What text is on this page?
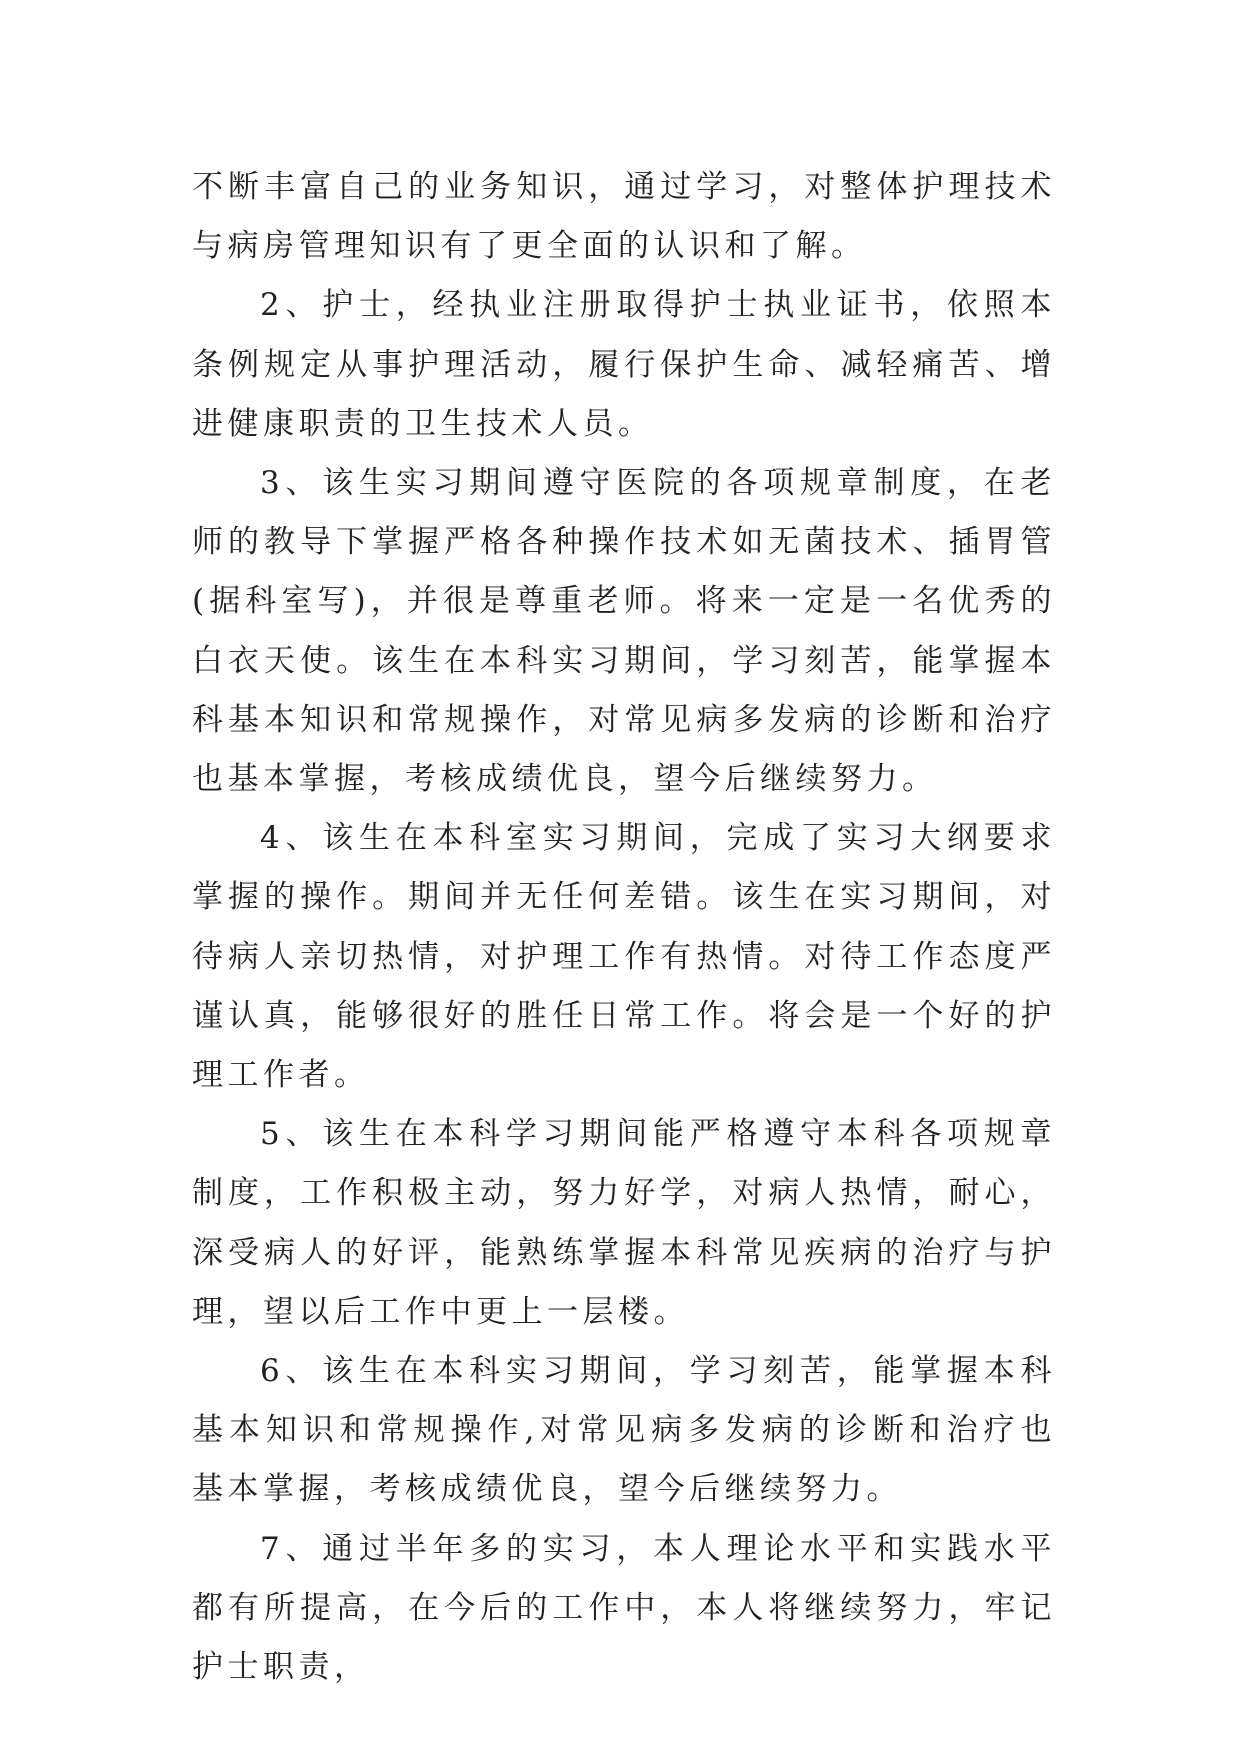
不断丰富自己的业务知识，通过学习，对整体护理技术与病房管理知识有了更全面的认识和了解。

2、护士，经执业注册取得护士执业证书，依照本条例规定从事护理活动，履行保护生命、减轻痛苦、增进健康职责的卫生技术人员。

3、该生实习期间遵守医院的各项规章制度，在老师的教导下掌握严格各种操作技术如无菌技术、插胃管(据科室写)，并很是尊重老师。将来一定是一名优秀的白衣天使。该生在本科实习期间，学习刻苦，能掌握本科基本知识和常规操作，对常见病多发病的诊断和治疗也基本掌握，考核成绩优良，望今后继续努力。

4、该生在本科室实习期间，完成了实习大纲要求掌握的操作。期间并无任何差错。该生在实习期间，对待病人亲切热情，对护理工作有热情。对待工作态度严谨认真，能够很好的胜任日常工作。将会是一个好的护理工作者。

5、该生在本科学习期间能严格遵守本科各项规章制度，工作积极主动，努力好学，对病人热情，耐心，深受病人的好评，能熟练掌握本科常见疾病的治疗与护理，望以后工作中更上一层楼。

6、该生在本科实习期间，学习刻苦，能掌握本科基本知识和常规操作,对常见病多发病的诊断和治疗也基本掌握，考核成绩优良，望今后继续努力。

7、通过半年多的实习，本人理论水平和实践水平都有所提高，在今后的工作中，本人将继续努力，牢记护士职责，
